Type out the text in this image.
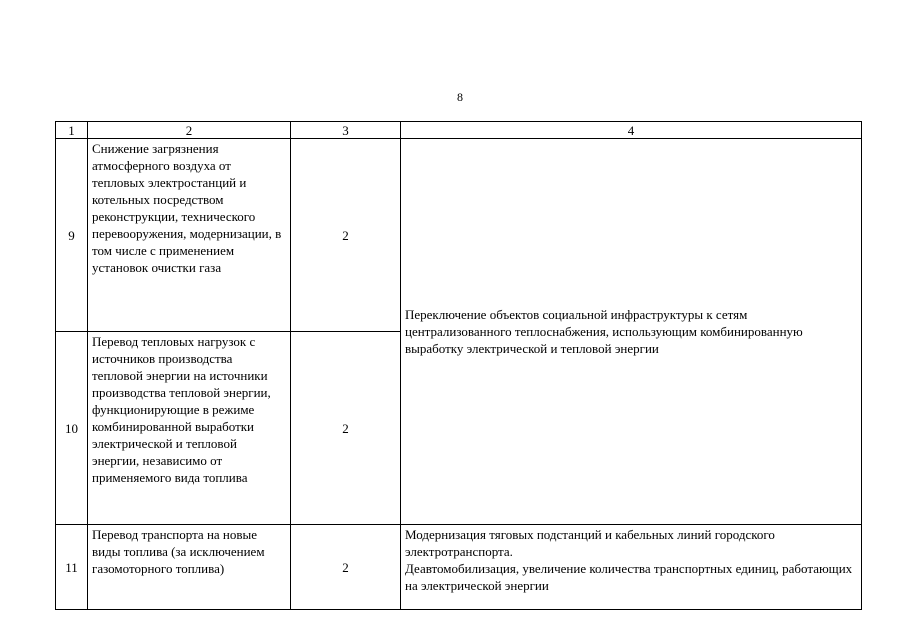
8
1	2	3	4
9	Снижение загрязнения атмосферного воздуха от тепловых электростанций и котельных посредством реконструкции, технического перевооружения, модернизации, в том числе с применением установок очистки газа	2	Переключение объектов социальной инфраструктуры к сетям централизованного теплоснабжения, использующим комбинированную выработку электрической и тепловой энергии
10	Перевод тепловых нагрузок с источников производства тепловой энергии на источники производства тепловой энергии, функционирующие в режиме комбинированной выработки электрической и тепловой энергии, независимо от применяемого вида топлива	2	
11	Перевод транспорта на новые виды топлива (за исключением газомоторного топлива)	2	Модернизация тяговых подстанций и кабельных линий городского электротранспорта.
Деавтомобилизация, увеличение количества транспортных единиц, работающих на электрической энергии
